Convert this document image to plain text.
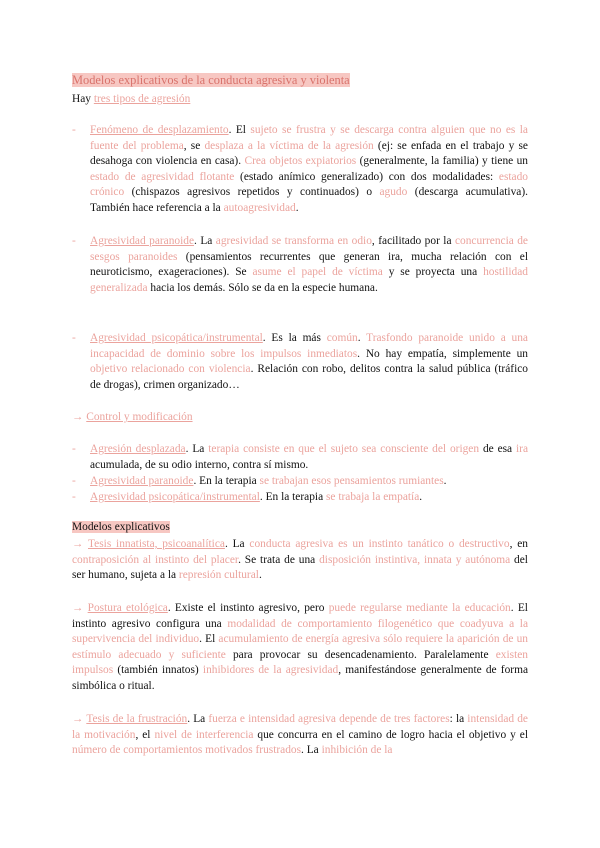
Modelos explicativos de la conducta agresiva y violenta

Hay tres tipos de agresión

- Fenómeno de desplazamiento. El sujeto se frustra y se descarga contra alguien que no es la fuente del problema, se desplaza a la víctima de la agresión (ej: se enfada en el trabajo y se desahoga con violencia en casa). Crea objetos expiatorios (generalmente, la familia) y tiene un estado de agresividad flotante (estado anímico generalizado) con dos modalidades: estado crónico (chispazos agresivos repetidos y continuados) o agudo (descarga acumulativa). También hace referencia a la autoagresividad.

- Agresividad paranoide. La agresividad se transforma en odio, facilitado por la concurrencia de sesgos paranoides (pensamientos recurrentes que generan ira, mucha relación con el neuroticismo, exageraciones). Se asume el papel de víctima y se proyecta una hostilidad generalizada hacia los demás. Sólo se da en la especie humana.

- Agresividad psicopática/instrumental. Es la más común. Trasfondo paranoide unido a una incapacidad de dominio sobre los impulsos inmediatos. No hay empatía, simplemente un objetivo relacionado con violencia. Relación con robo, delitos contra la salud pública (tráfico de drogas), crimen organizado…

→ Control y modificación

- Agresión desplazada. La terapia consiste en que el sujeto sea consciente del origen de esa ira acumulada, de su odio interno, contra sí mismo.

- Agresividad paranoide. En la terapia se trabajan esos pensamientos rumiantes.

- Agresividad psicopática/instrumental. En la terapia se trabaja la empatía.

Modelos explicativos

→ Tesis innatista, psicoanalítica. La conducta agresiva es un instinto tanático o destructivo, en contraposición al instinto del placer. Se trata de una disposición instintiva, innata y autónoma del ser humano, sujeta a la represión cultural.

→ Postura etológica. Existe el instinto agresivo, pero puede regularse mediante la educación. El instinto agresivo configura una modalidad de comportamiento filogenético que coadyuva a la supervivencia del individuo. El acumulamiento de energía agresiva sólo requiere la aparición de un estímulo adecuado y suficiente para provocar su desencadenamiento. Paralelamente existen impulsos (también innatos) inhibidores de la agresividad, manifestándose generalmente de forma simbólica o ritual.

→ Tesis de la frustración. La fuerza e intensidad agresiva depende de tres factores: la intensidad de la motivación, el nivel de interferencia que concurra en el camino de logro hacia el objetivo y el número de comportamientos motivados frustrados. La inhibición de la
